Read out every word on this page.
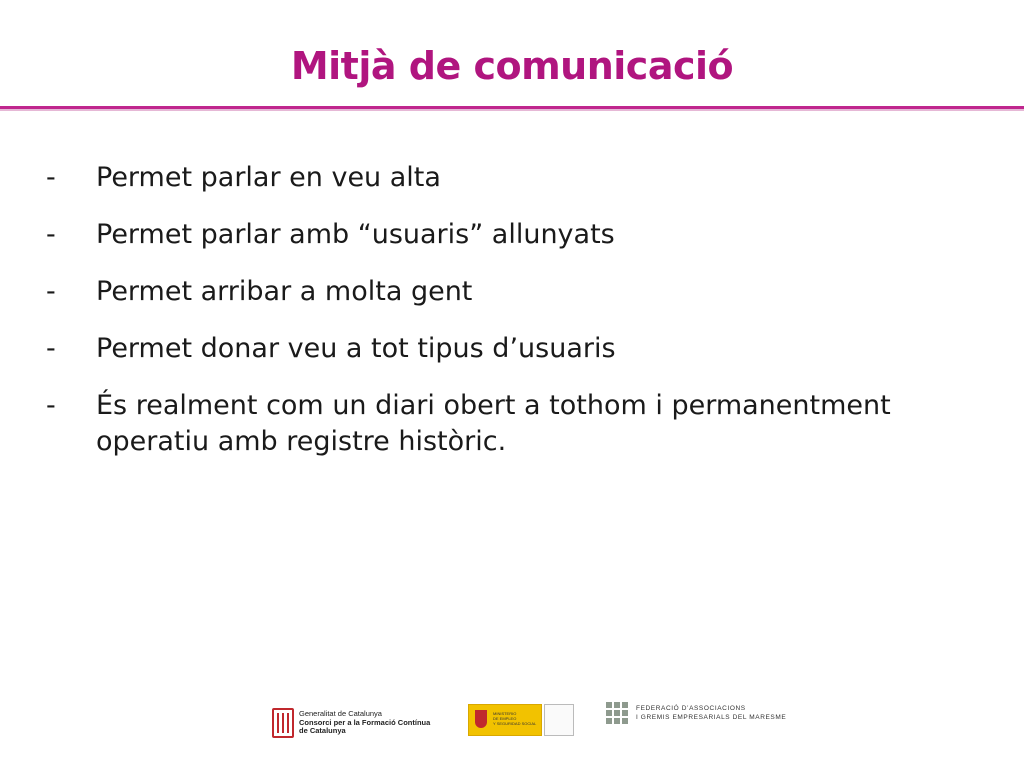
Mitjà de comunicació
- Permet parlar en veu alta
- Permet parlar amb “usuaris” allunyats
- Permet arribar a molta gent
- Permet donar veu a tot tipus d’usuaris
- És realment com un diari obert a tothom i permanentment operatiu amb registre històric.
Generalitat de Catalunya
Consorci per a la Formació Contínua
de Catalunya
MINISTERIO
DE EMPLEO
Y SEGURIDAD SOCIAL
FEDERACIÓ D’ASSOCIACIONS
I GREMIS EMPRESARIALS DEL MARESME
